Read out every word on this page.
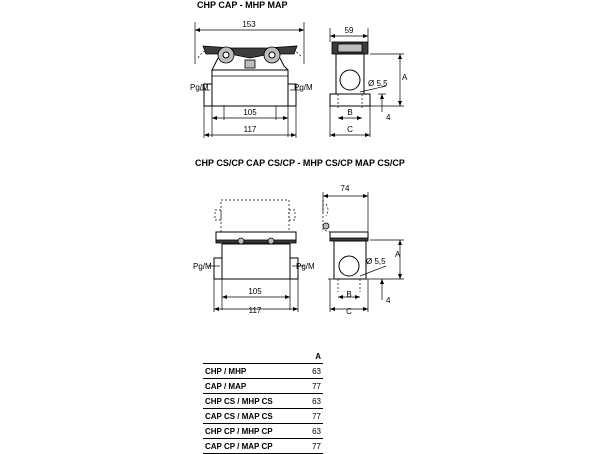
CHP CAP - MHP MAP
CHP CS/CP CAP CS/CP - MHP CS/CP MAP CS/CP
153
105
117
Pg/M	Pg/M
59
Ø 5,5
A
B
C
4
105
117
Pg/M	Pg/M
74
Ø 5,5
A
B
C
4
	A
CHP / MHP	63
CAP / MAP	77
CHP CS / MHP CS	63
CAP CS / MAP CS	77
CHP CP / MHP CP	63
CAP CP / MAP CP	77
